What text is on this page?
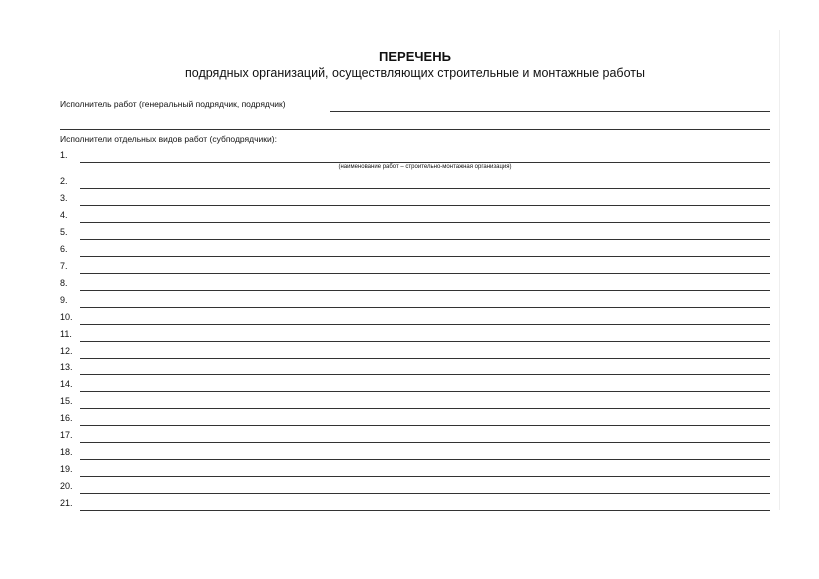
ПЕРЕЧЕНЬ
подрядных организаций, осуществляющих строительные и монтажные работы
Исполнитель работ (генеральный подрядчик, подрядчик)
Исполнители отдельных видов работ (субподрядчики):
(наименование работ – строительно-монтажная организация)
1.
2.
3.
4.
5.
6.
7.
8.
9.
10.
11.
12.
13.
14.
15.
16.
17.
18.
19.
20.
21.
